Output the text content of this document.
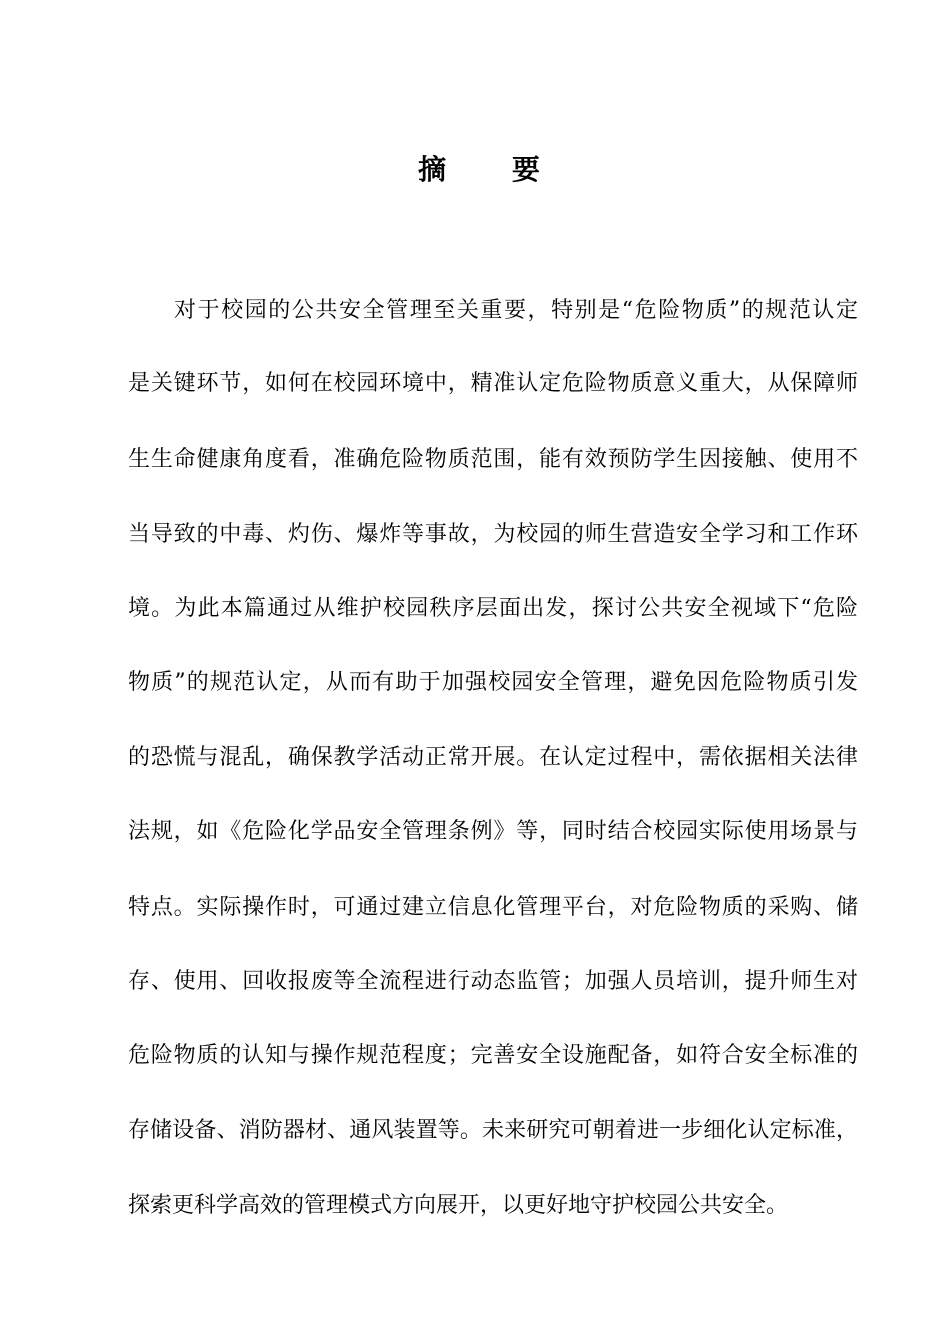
摘 要
对于校园的公共安全管理至关重要，特别是“危险物质”的规范认定
是关键环节，如何在校园环境中，精准认定危险物质意义重大，从保障师
生生命健康角度看，准确危险物质范围，能有效预防学生因接触、使用不
当导致的中毒、灼伤、爆炸等事故，为校园的师生营造安全学习和工作环
境。为此本篇通过从维护校园秩序层面出发，探讨公共安全视域下“危险
物质”的规范认定，从而有助于加强校园安全管理，避免因危险物质引发
的恐慌与混乱，确保教学活动正常开展。在认定过程中，需依据相关法律
法规，如《危险化学品安全管理条例》等，同时结合校园实际使用场景与
特点。实际操作时，可通过建立信息化管理平台，对危险物质的采购、储
存、使用、回收报废等全流程进行动态监管；加强人员培训，提升师生对
危险物质的认知与操作规范程度；完善安全设施配备，如符合安全标准的
存储设备、消防器材、通风装置等。未来研究可朝着进一步细化认定标准，
探索更科学高效的管理模式方向展开，以更好地守护校园公共安全。
